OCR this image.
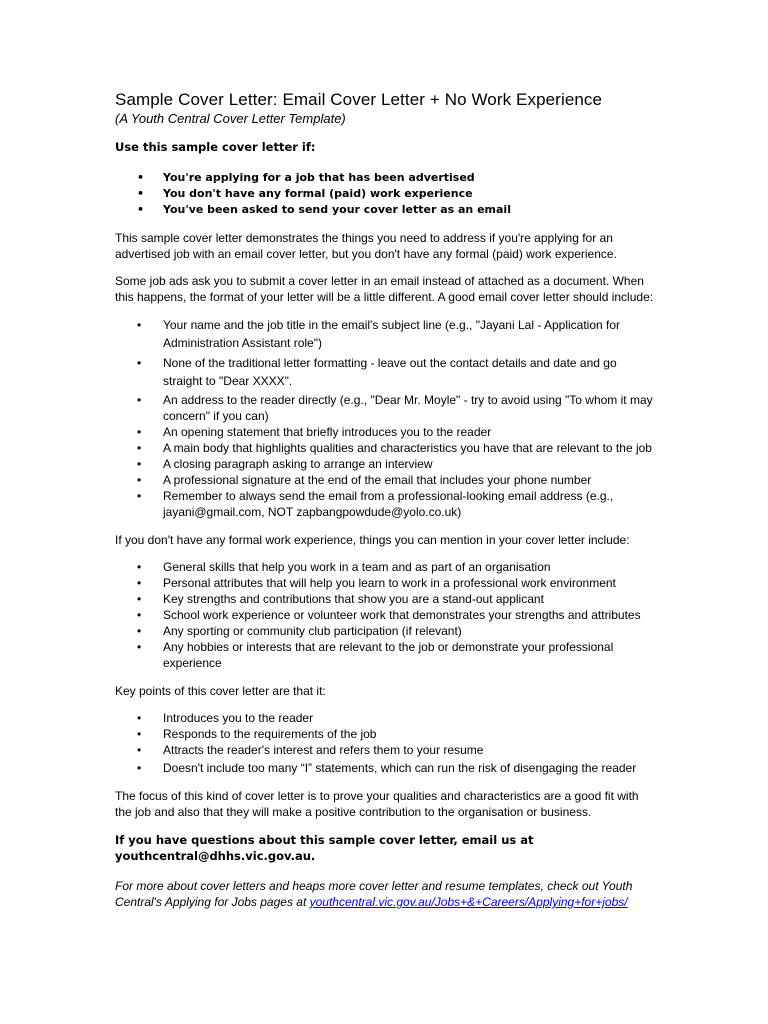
Sample Cover Letter: Email Cover Letter + No Work Experience

(A Youth Central Cover Letter Template)

Use this sample cover letter if:

• You're applying for a job that has been advertised
• You don't have any formal (paid) work experience
• You've been asked to send your cover letter as an email

This sample cover letter demonstrates the things you need to address if you're applying for an advertised job with an email cover letter, but you don't have any formal (paid) work experience.

Some job ads ask you to submit a cover letter in an email instead of attached as a document. When this happens, the format of your letter will be a little different. A good email cover letter should include:

• Your name and the job title in the email's subject line (e.g., "Jayani Lal - Application for Administration Assistant role")
• None of the traditional letter formatting - leave out the contact details and date and go straight to "Dear XXXX".
• An address to the reader directly (e.g., "Dear Mr. Moyle" - try to avoid using "To whom it may concern" if you can)
• An opening statement that briefly introduces you to the reader
• A main body that highlights qualities and characteristics you have that are relevant to the job
• A closing paragraph asking to arrange an interview
• A professional signature at the end of the email that includes your phone number
• Remember to always send the email from a professional-looking email address (e.g., jayani@gmail.com, NOT zapbangpowdude@yolo.co.uk)

If you don't have any formal work experience, things you can mention in your cover letter include:

• General skills that help you work in a team and as part of an organisation
• Personal attributes that will help you learn to work in a professional work environment
• Key strengths and contributions that show you are a stand-out applicant
• School work experience or volunteer work that demonstrates your strengths and attributes
• Any sporting or community club participation (if relevant)
• Any hobbies or interests that are relevant to the job or demonstrate your professional experience

Key points of this cover letter are that it:

• Introduces you to the reader
• Responds to the requirements of the job
• Attracts the reader's interest and refers them to your resume
• Doesn't include too many “I” statements, which can run the risk of disengaging the reader

The focus of this kind of cover letter is to prove your qualities and characteristics are a good fit with the job and also that they will make a positive contribution to the organisation or business.

If you have questions about this sample cover letter, email us at youthcentral@dhhs.vic.gov.au.

For more about cover letters and heaps more cover letter and resume templates, check out Youth Central's Applying for Jobs pages at youthcentral.vic.gov.au/Jobs+&+Careers/Applying+for+jobs/
